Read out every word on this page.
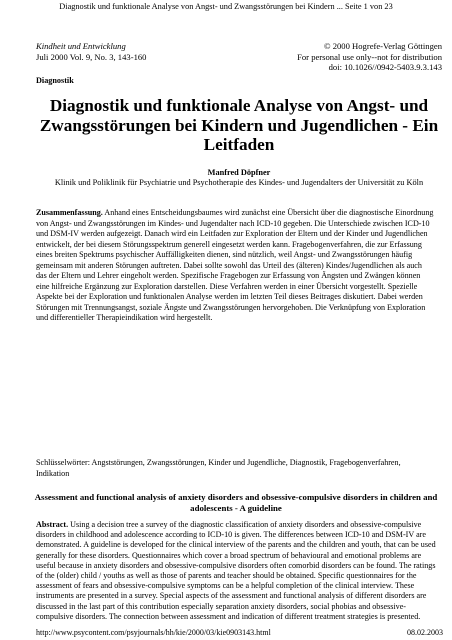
Diagnostik und funktionale Analyse von Angst- und Zwangsstörungen bei Kindern ... Seite 1 von 23
Kindheit und Entwicklung
Juli 2000 Vol. 9, No. 3, 143-160
© 2000 Hogrefe-Verlag Göttingen
For personal use only--not for distribution
doi: 10.1026//0942-5403.9.3.143
Diagnostik
Diagnostik und funktionale Analyse von Angst- und Zwangsstörungen bei Kindern und Jugendlichen - Ein Leitfaden
Manfred Döpfner
Klinik und Poliklinik für Psychiatrie und Psychotherapie des Kindes- und Jugendalters der Universität zu Köln
Zusammenfassung. Anhand eines Entscheidungsbaumes wird zunächst eine Übersicht über die diagnostische Einordnung von Angst- und Zwangsstörungen im Kindes- und Jugendalter nach ICD-10 gegeben. Die Unterschiede zwischen ICD-10 und DSM-IV werden aufgezeigt. Danach wird ein Leitfaden zur Exploration der Eltern und der Kinder und Jugendlichen entwickelt, der bei diesem Störungsspektrum generell eingesetzt werden kann. Fragebogenverfahren, die zur Erfassung eines breiten Spektrums psychischer Auffälligkeiten dienen, sind nützlich, weil Angst- und Zwangsstörungen häufig gemeinsam mit anderen Störungen auftreten. Dabei sollte sowohl das Urteil des (älteren) Kindes/Jugendlichen als auch das der Eltern und Lehrer eingeholt werden. Spezifische Fragebogen zur Erfassung von Ängsten und Zwängen können eine hilfreiche Ergänzung zur Exploration darstellen. Diese Verfahren werden in einer Übersicht vorgestellt. Spezielle Aspekte bei der Exploration und funktionalen Analyse werden im letzten Teil dieses Beitrages diskutiert. Dabei werden Störungen mit Trennungsangst, soziale Ängste und Zwangsstörungen hervorgehoben. Die Verknüpfung von Exploration und differentieller Therapieindikation wird hergestellt.
Schlüsselwörter: Angststörungen, Zwangsstörungen, Kinder und Jugendliche, Diagnostik, Fragebogenverfahren, Indikation
Assessment and functional analysis of anxiety disorders and obsessive-compulsive disorders in children and adolescents - A guideline
Abstract. Using a decision tree a survey of the diagnostic classification of anxiety disorders and obsessive-compulsive disorders in childhood and adolescence according to ICD-10 is given. The differences between ICD-10 and DSM-IV are demonstrated. A guideline is developed for the clinical interview of the parents and the children and youth, that can be used generally for these disorders. Questionnaires which cover a broad spectrum of behavioural and emotional problems are useful because in anxiety disorders and obsessive-compulsive disorders often comorbid disorders can be found. The ratings of the (older) child / youths as well as those of parents and teacher should be obtained. Specific questionnaires for the assessment of fears and obsessive-compulsive symptoms can be a helpful completion of the clinical interview. These instruments are presented in a survey. Special aspects of the assessment and functional analysis of different disorders are discussed in the last part of this contribution especially separation anxiety disorders, social phobias and obsessive-compulsive disorders. The connection between assessment and indication of different treatment strategies is presented.
http://www.psycontent.com/psyjournals/hh/kie/2000/03/kie0903143.html	08.02.2003
